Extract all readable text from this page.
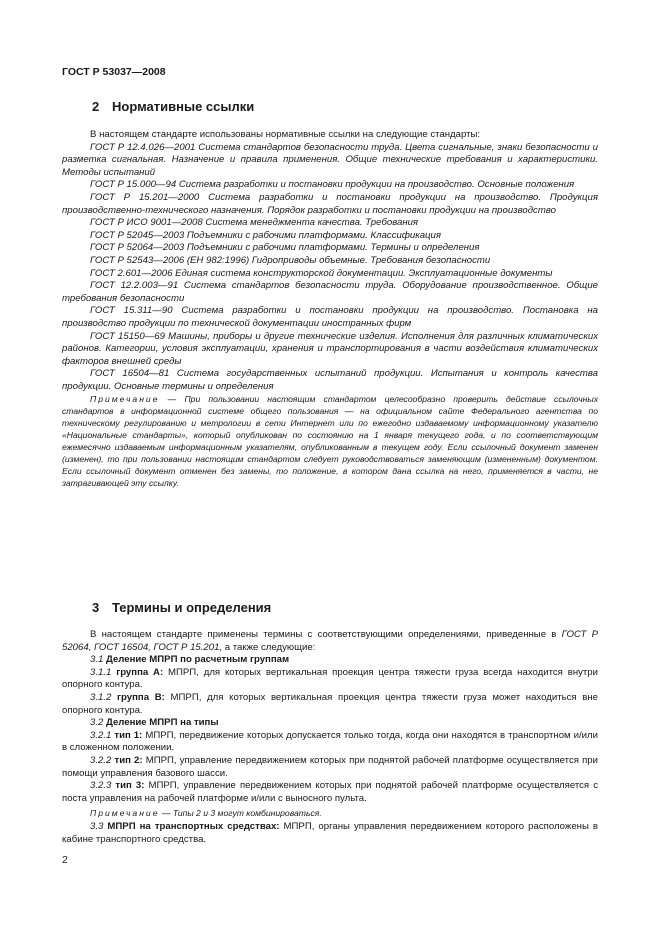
ГОСТ Р 53037—2008
2 Нормативные ссылки

В настоящем стандарте использованы нормативные ссылки на следующие стандарты:

ГОСТ Р 12.4.026—2001 Система стандартов безопасности труда. Цвета сигнальные, знаки безопасности и разметка сигнальная. Назначение и правила применения. Общие технические требования и характеристики. Методы испытаний

ГОСТ Р 15.000—94 Система разработки и постановки продукции на производство. Основные положения

ГОСТ Р 15.201—2000 Система разработки и постановки продукции на производство. Продукция производственно-технического назначения. Порядок разработки и постановки продукции на производство

ГОСТ Р ИСО 9001—2008 Система менеджмента качества. Требования

ГОСТ Р 52045—2003 Подъемники с рабочими платформами. Классификация

ГОСТ Р 52064—2003 Подъемники с рабочими платформами. Термины и определения

ГОСТ Р 52543—2006 (ЕН 982:1996) Гидроприводы объемные. Требования безопасности

ГОСТ 2.601—2006 Единая система конструкторской документации. Эксплуатационные документы

ГОСТ 12.2.003—91 Система стандартов безопасности труда. Оборудование производственное. Общие требования безопасности

ГОСТ 15.311—90 Система разработки и постановки продукции на производство. Постановка на производство продукции по технической документации иностранных фирм

ГОСТ 15150—69 Машины, приборы и другие технические изделия. Исполнения для различных климатических районов. Категории, условия эксплуатации, хранения и транспортирования в части воздействия климатических факторов внешней среды

ГОСТ 16504—81 Система государственных испытаний продукции. Испытания и контроль качества продукции. Основные термины и определения

Примечание — При пользовании настоящим стандартом целесообразно проверить действие ссылочных стандартов в информационной системе общего пользования — на официальном сайте Федерального агентства по техническому регулированию и метрологии в сети Интернет или по ежегодно издаваемому информационному указателю «Национальные стандарты», который опубликован по состоянию на 1 января текущего года, и по соответствующим ежемесячно издаваемым информационным указателям, опубликованным в текущем году. Если ссылочный документ заменен (изменен), то при пользовании настоящим стандартом следует руководствоваться заменяющим (измененным) документом. Если ссылочный документ отменен без замены, то положение, в котором дана ссылка на него, применяется в части, не затрагивающей эту ссылку.

3 Термины и определения

В настоящем стандарте применены термины с соответствующими определениями, приведенные в ГОСТ Р 52064, ГОСТ 16504, ГОСТ Р 15.201, а также следующие:

3.1 Деление МПРП по расчетным группам

3.1.1 группа А: МПРП, для которых вертикальная проекция центра тяжести груза всегда находится внутри опорного контура.

3.1.2 группа В: МПРП, для которых вертикальная проекция центра тяжести груза может находиться вне опорного контура.

3.2 Деление МПРП на типы

3.2.1 тип 1: МПРП, передвижение которых допускается только тогда, когда они находятся в транспортном и/или в сложенном положении.

3.2.2 тип 2: МПРП, управление передвижением которых при поднятой рабочей платформе осуществляется при помощи управления базового шасси.

3.2.3 тип 3: МПРП, управление передвижением которых при поднятой рабочей платформе осуществляется с поста управления на рабочей платформе и/или с выносного пульта.

Примечание — Типы 2 и 3 могут комбинироваться.

3.3 МПРП на транспортных средствах: МПРП, органы управления передвижением которого расположены в кабине транспортного средства.

2
